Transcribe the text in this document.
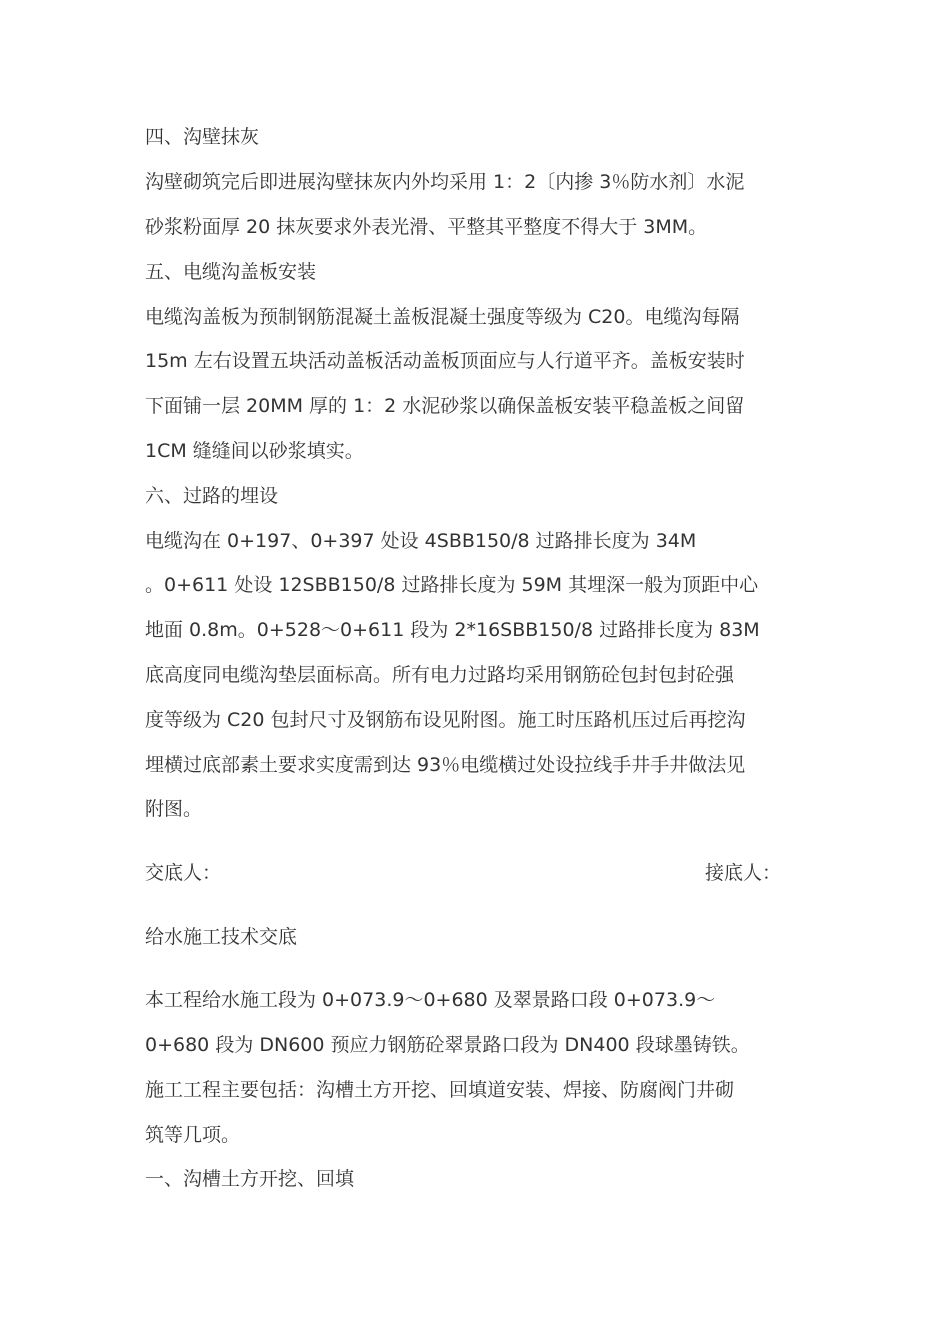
四、沟壁抹灰
沟壁砌筑完后即进展沟壁抹灰内外均采用 1：2〔内掺 3％防水剂〕水泥
砂浆粉面厚 20 抹灰要求外表光滑、平整其平整度不得大于 3MM。
五、电缆沟盖板安装
电缆沟盖板为预制钢筋混凝土盖板混凝土强度等级为 C20。电缆沟每隔
15m 左右设置五块活动盖板活动盖板顶面应与人行道平齐。盖板安装时
下面铺一层 20MM 厚的 1：2 水泥砂浆以确保盖板安装平稳盖板之间留
1CM 缝缝间以砂浆填实。
六、过路的埋设
电缆沟在 0+197、0+397 处设 4SBB150/8 过路排长度为 34M
。0+611 处设 12SBB150/8 过路排长度为 59M 其埋深一般为顶距中心
地面 0.8m。0+528～0+611 段为 2*16SBB150/8 过路排长度为 83M
底高度同电缆沟垫层面标高。所有电力过路均采用钢筋砼包封包封砼强
度等级为 C20 包封尺寸及钢筋布设见附图。施工时压路机压过后再挖沟
埋横过底部素土要求实度需到达 93％电缆横过处设拉线手井手井做法见
附图。
交底人：	接底人：
给水施工技术交底
本工程给水施工段为 0+073.9～0+680 及翠景路口段 0+073.9～
0+680 段为 DN600 预应力钢筋砼翠景路口段为 DN400 段球墨铸铁。
施工工程主要包括：沟槽土方开挖、回填道安装、焊接、防腐阀门井砌
筑等几项。
一、沟槽土方开挖、回填
